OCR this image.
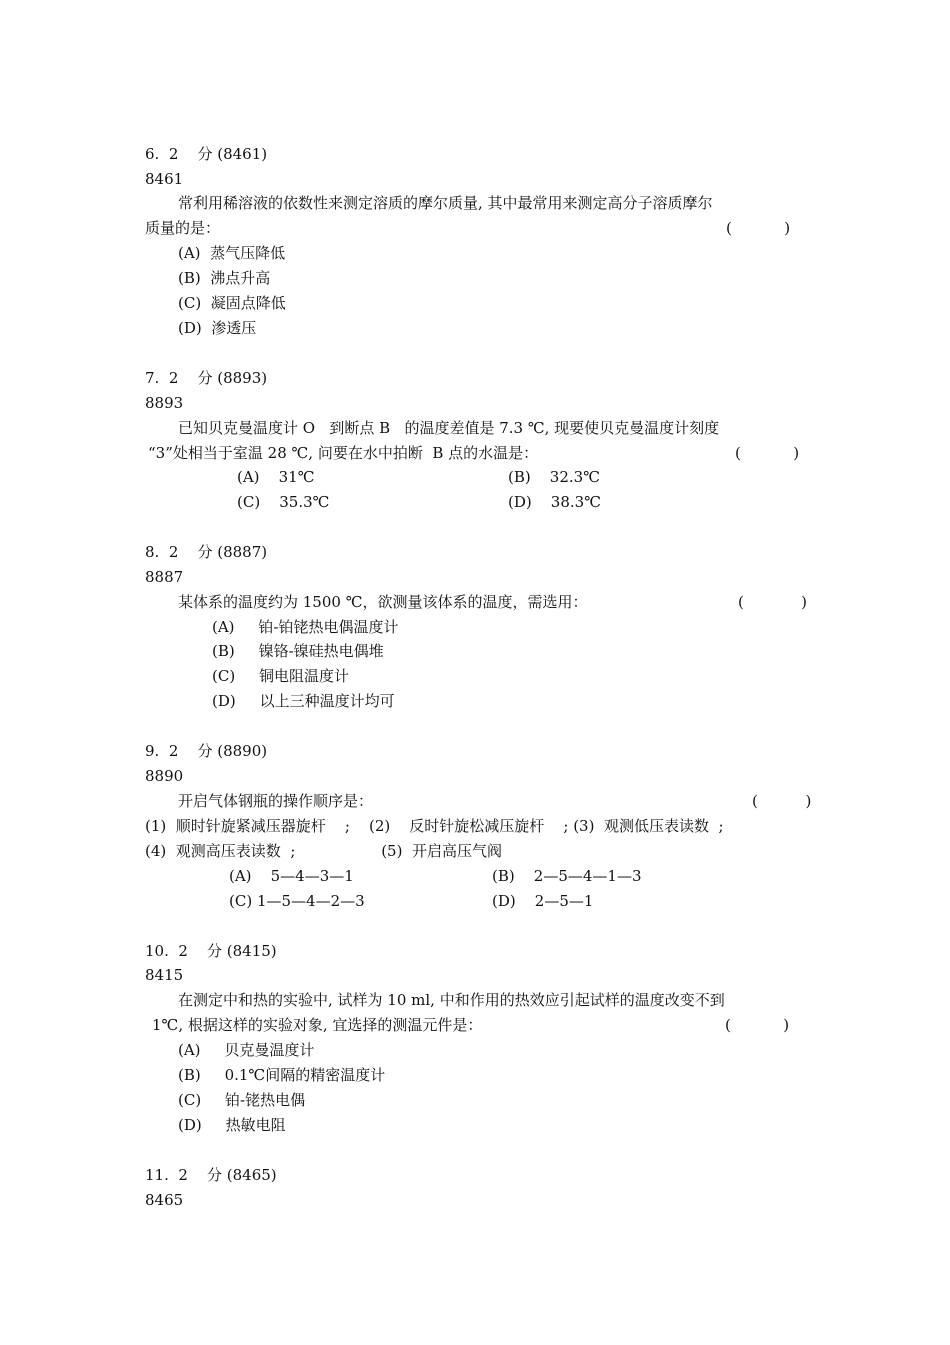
6.  2    分 (8461)
8461
常利用稀溶液的依数性来测定溶质的摩尔质量, 其中最常用来测定高分子溶质摩尔
质量的是：	(           )
(A)  蒸气压降低
(B)  沸点升高
(C)  凝固点降低
(D)  渗透压
7.  2    分 (8893)
8893
已知贝克曼温度计 O   到断点 B   的温度差值是 7.3 ℃, 现要使贝克曼温度计刻度
“3”处相当于室温 28 ℃, 问要在水中拍断  B 点的水温是：	(           )
(A)    31℃	(B)    32.3℃
(C)    35.3℃	(D)    38.3℃
8.  2    分 (8887)
8887
某体系的温度约为 1500 ℃，欲测量该体系的温度，需选用：	(            )
(A)     铂-铂铑热电偶温度计
(B)     镍铬-镍硅热电偶堆
(C)     铜电阻温度计
(D)     以上三种温度计均可
9.  2    分 (8890)
8890
开启气体钢瓶的操作顺序是：	(          )
(1)  顺时针旋紧减压器旋杆    ;    (2)    反时针旋松减压旋杆    ; (3)  观测低压表读数  ;
(4)  观测高压表读数  ;                  (5)  开启高压气阀
(A)    5—4—3—1	(B)    2—5—4—1—3
(C) 1—5—4—2—3	(D)    2—5—1
10.  2    分 (8415)
8415
在测定中和热的实验中, 试样为 10 ml, 中和作用的热效应引起试样的温度改变不到
1℃, 根据这样的实验对象, 宜选择的测温元件是：	(           )
(A)     贝克曼温度计
(B)     0.1℃间隔的精密温度计
(C)     铂-铑热电偶
(D)     热敏电阻
11.  2    分 (8465)
8465
